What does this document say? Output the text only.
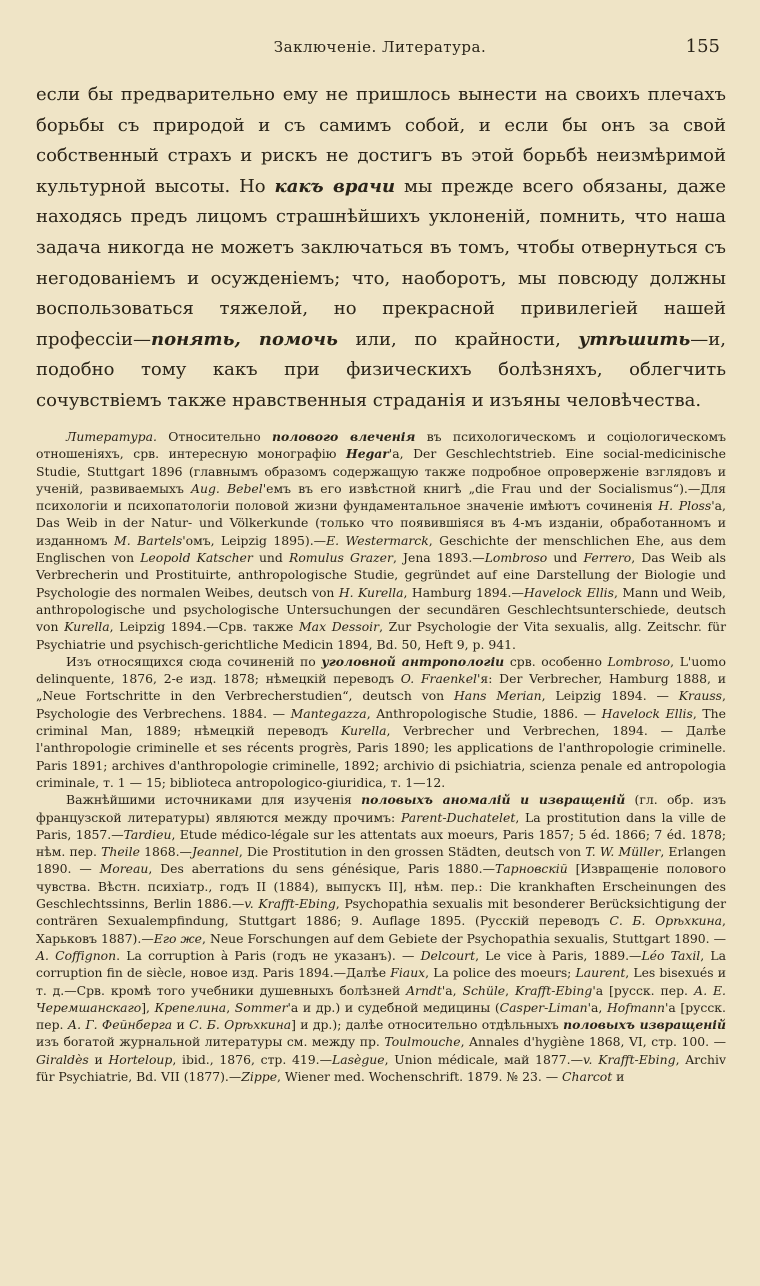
Заключеніе. Литература.	155

если бы предварительно ему не пришлось вынести на своихъ плечахъ борьбы съ природой и съ самимъ собой, и если бы онъ за свой собственный страхъ и рискъ не достигъ въ этой борьбѣ неизмѣримой культурной высоты. Но какъ врачи мы прежде всего обязаны, даже находясь предъ лицомъ страшнѣйшихъ уклоненій, помнить, что наша задача никогда не можетъ заключаться въ томъ, чтобы отвернуться съ негодованіемъ и осужденіемъ; что, наоборотъ, мы повсюду должны воспользоваться тяжелой, но прекрасной привилегіей нашей профессіи—понять, помочь или, по крайности, утѣшить—и, подобно тому какъ при физическихъ болѣзняхъ, облегчить сочувствіемъ также нравственныя страданія и изъяны человѣчества.

Литература. Относительно полового влеченія въ психологическомъ и соціологическомъ отношеніяхъ, срв. интересную монографію Hegar'а, Der Geschlechtstrieb. Eine social-medicinische Studie, Stuttgart 1896 (главнымъ образомъ содержащую также подробное опроверженіе взглядовъ и ученій, развиваемыхъ Aug. Bebel'емъ въ его извѣстной книгѣ „die Frau und der Socialismus“).—Для психологіи и психопатологіи половой жизни фундаментальное значеніе имѣютъ сочиненія H. Ploss'a, Das Weib in der Natur- und Völkerkunde (только что появившіяся въ 4-мъ изданіи, обработанномъ и изданномъ M. Bartels'омъ, Leipzig 1895).—E. Westermarck, Geschichte der menschlichen Ehe, aus dem Englischen von Leopold Katscher und Romulus Grazer, Jena 1893.—Lombroso und Ferrero, Das Weib als Verbrecherin und Prostituirte, anthropologische Studie, gegründet auf eine Darstellung der Biologie und Psychologie des normalen Weibes, deutsch von H. Kurella, Hamburg 1894.—Havelock Ellis, Mann und Weib, anthropologische und psychologische Untersuchungen der secundären Geschlechtsunterschiede, deutsch von Kurella, Leipzig 1894.—Срв. также Max Dessoir, Zur Psychologie der Vita sexualis, allg. Zeitschr. für Psychiatrie und psychisch-gerichtliche Medicin 1894, Bd. 50, Heft 9, p. 941.

Изъ относящихся сюда сочиненій по уголовной антропологіи срв. особенно Lombroso, L'uomo delinquente, 1876, 2-е изд. 1878; нѣмецкій переводъ O. Fraenkel'я: Der Verbrecher, Hamburg 1888, и „Neue Fortschritte in den Verbrecherstudien“, deutsch von Hans Merian, Leipzig 1894. — Krauss, Psychologie des Verbrechens. 1884. — Mantegazza, Anthropologische Studie, 1886. — Havelock Ellis, The criminal Man, 1889; нѣмецкій переводъ Kurella, Verbrecher und Verbrechen, 1894. — Далѣе l'anthropologie criminelle et ses récents progrès, Paris 1890; les applications de l'anthropologie criminelle. Paris 1891; archives d'anthropologie criminelle, 1892; archivio di psichiatria, scienza penale ed antropologia criminale, т. 1 — 15; biblioteca antropologico-giuridica, т. 1—12.

Важнѣйшими источниками для изученія половыхъ аномалій и извращеній (гл. обр. изъ французской литературы) являются между прочимъ: Parent-Duchatelet, La prostitution dans la ville de Paris, 1857.—Tardieu, Etude médico-légale sur les attentats aux moeurs, Paris 1857; 5 éd. 1866; 7 éd. 1878; нѣм. пер. Theile 1868.—Jeannel, Die Prostitution in den grossen Städten, deutsch von T. W. Müller, Erlangen 1890. — Moreau, Des aberrations du sens génésique, Paris 1880.—Тарновскій [Извращеніе полового чувства. Вѣстн. психіатр., годъ II (1884), выпускъ II], нѣм. пер.: Die krankhaften Erscheinungen des Geschlechtssinns, Berlin 1886.—v. Krafft-Ebing, Psychopathia sexualis mit besonderer Berücksichtigung der conträren Sexualempfindung, Stuttgart 1886; 9. Auflage 1895. (Русскій переводъ С. Б. Орѣхкина, Харьковъ 1887).—Его же, Neue Forschungen auf dem Gebiete der Psychopathia sexualis, Stuttgart 1890. — A. Coffignon. La corruption à Paris (годъ не указанъ). — Delcourt, Le vice à Paris, 1889.—Léo Taxil, La corruption fin de siècle, новое изд. Paris 1894.—Далѣе Fiaux, La police des moeurs; Laurent, Les bisexués и т. д.—Срв. кромѣ того учебники душевныхъ болѣзней Arndt'a, Schüle, Krafft-Ebing'a [русск. пер. А. Е. Черемшанскаго], Крепелина, Sommer'a и др.) и судебной медицины (Casper-Liman'a, Hofmann'a [русск. пер. А. Г. Фейнберга и С. Б. Орѣхкина] и др.); далѣе относительно отдѣльныхъ половыхъ извращеній изъ богатой журнальной литературы см. между пр. Toulmouche, Annales d'hygiène 1868, VI, стр. 100. — Giraldès и Horteloup, ibid., 1876, стр. 419.—Lasègue, Union médicale, май 1877.—v. Krafft-Ebing, Archiv für Psychiatrie, Bd. VII (1877).—Zippe, Wiener med. Wochenschrift. 1879. № 23. — Charcot и
